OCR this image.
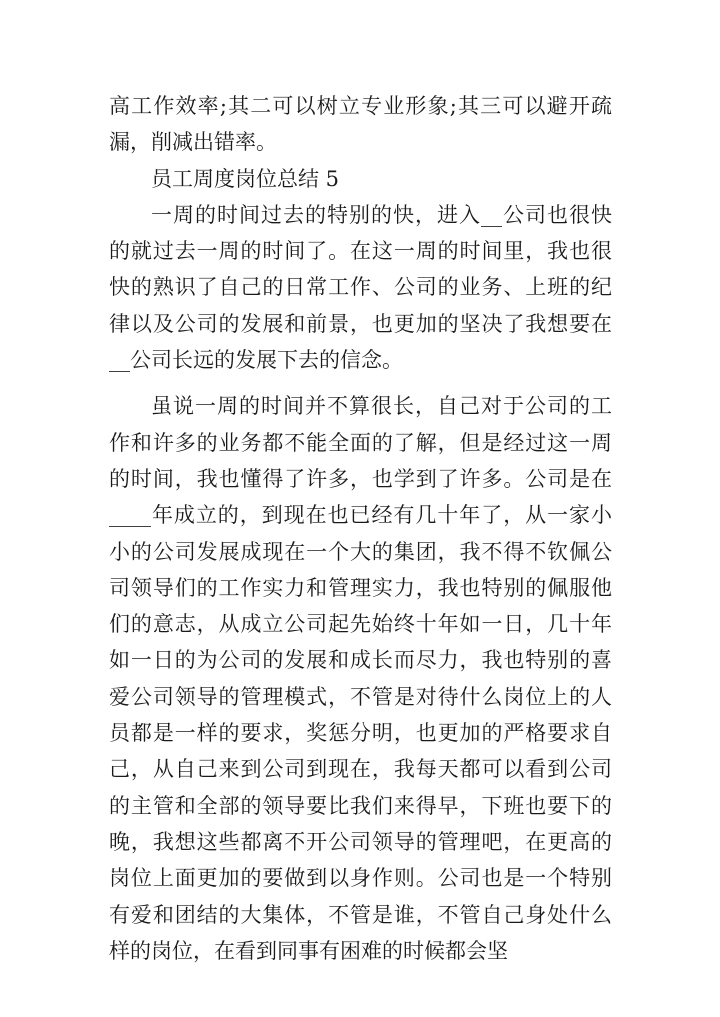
高工作效率;其二可以树立专业形象;其三可以避开疏漏，削减出错率。

员工周度岗位总结 5

一周的时间过去的特别的快，进入__公司也很快的就过去一周的时间了。在这一周的时间里，我也很快的熟识了自己的日常工作、公司的业务、上班的纪律以及公司的发展和前景，也更加的坚决了我想要在__公司长远的发展下去的信念。

虽说一周的时间并不算很长，自己对于公司的工作和许多的业务都不能全面的了解，但是经过这一周的时间，我也懂得了许多，也学到了许多。公司是在____年成立的，到现在也已经有几十年了，从一家小小的公司发展成现在一个大的集团，我不得不钦佩公司领导们的工作实力和管理实力，我也特别的佩服他们的意志，从成立公司起先始终十年如一日，几十年如一日的为公司的发展和成长而尽力，我也特别的喜爱公司领导的管理模式，不管是对待什么岗位上的人员都是一样的要求，奖惩分明，也更加的严格要求自己，从自己来到公司到现在，我每天都可以看到公司的主管和全部的领导要比我们来得早，下班也要下的晚，我想这些都离不开公司领导的管理吧，在更高的岗位上面更加的要做到以身作则。公司也是一个特别有爱和团结的大集体，不管是谁，不管自己身处什么样的岗位，在看到同事有困难的时候都会坚
